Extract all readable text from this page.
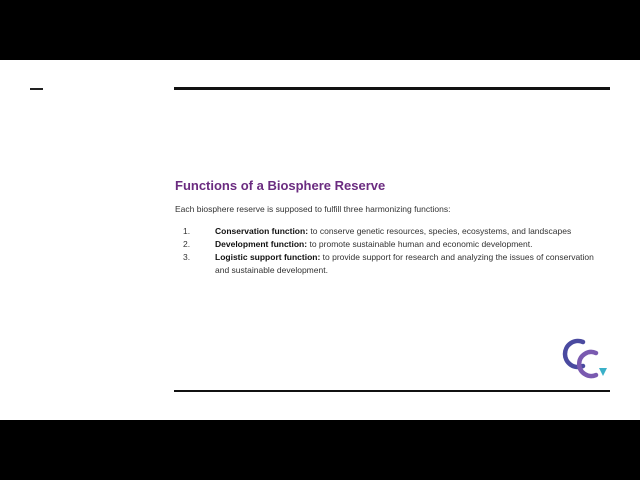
Functions of a Biosphere Reserve

Each biosphere reserve is supposed to fulfill three harmonizing functions:

1.	Conservation function: to conserve genetic resources, species, ecosystems, and landscapes
2.	Development function: to promote sustainable human and economic development.
3.	Logistic support function: to provide support for research and analyzing the issues of conservation and sustainable development.
